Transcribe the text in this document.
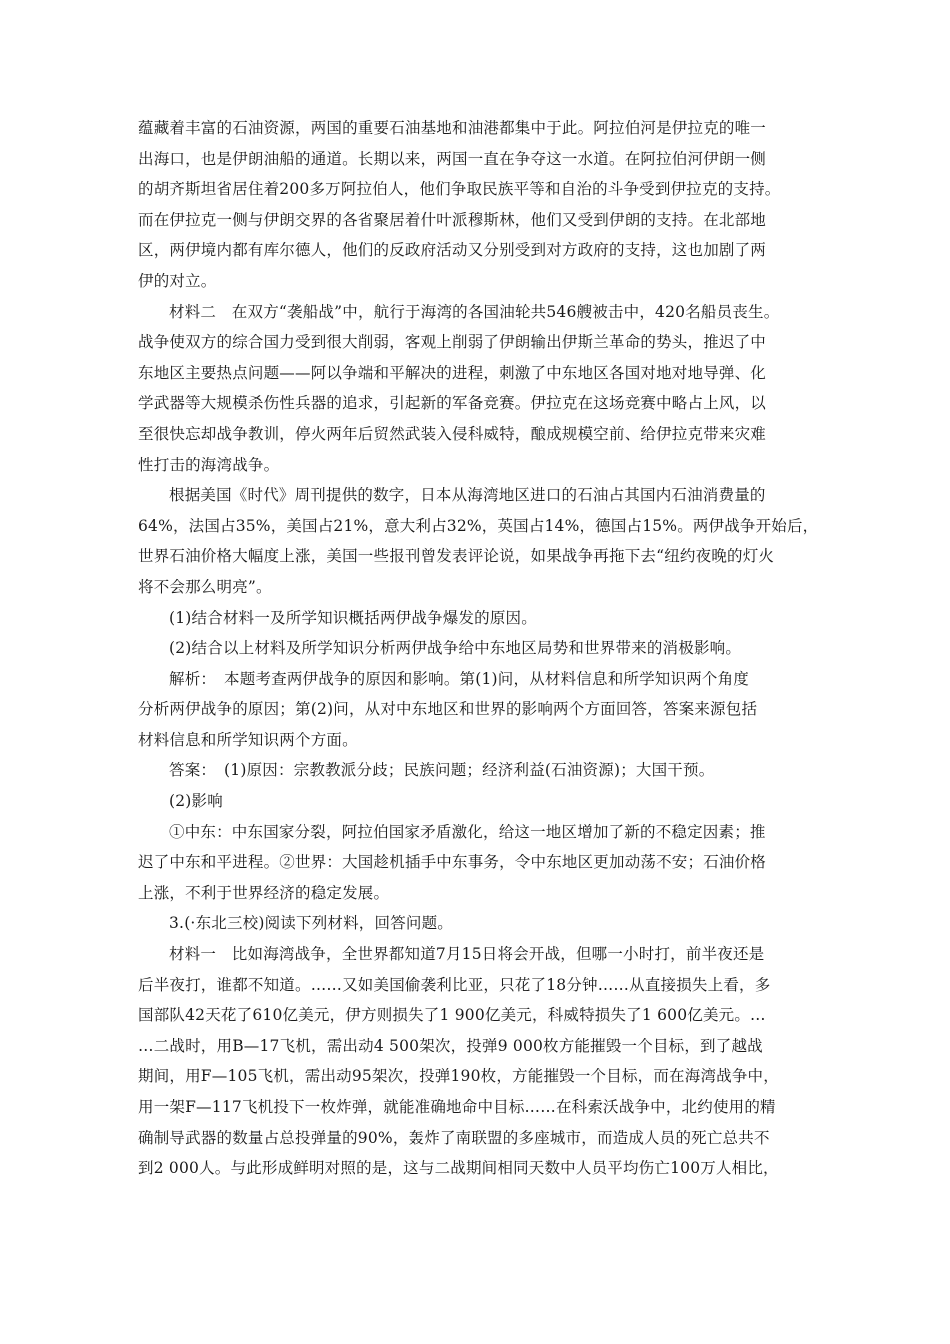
蕴藏着丰富的石油资源，两国的重要石油基地和油港都集中于此。阿拉伯河是伊拉克的唯一
出海口，也是伊朗油船的通道。长期以来，两国一直在争夺这一水道。在阿拉伯河伊朗一侧
的胡齐斯坦省居住着200多万阿拉伯人，他们争取民族平等和自治的斗争受到伊拉克的支持。
而在伊拉克一侧与伊朗交界的各省聚居着什叶派穆斯林，他们又受到伊朗的支持。在北部地
区，两伊境内都有库尔德人，他们的反政府活动又分别受到对方政府的支持，这也加剧了两
伊的对立。
材料二　在双方“袭船战”中，航行于海湾的各国油轮共546艘被击中，420名船员丧生。
战争使双方的综合国力受到很大削弱，客观上削弱了伊朗输出伊斯兰革命的势头，推迟了中
东地区主要热点问题——阿以争端和平解决的进程，刺激了中东地区各国对地对地导弹、化
学武器等大规模杀伤性兵器的追求，引起新的军备竞赛。伊拉克在这场竞赛中略占上风，以
至很快忘却战争教训，停火两年后贸然武装入侵科威特，酿成规模空前、给伊拉克带来灾难
性打击的海湾战争。
根据美国《时代》周刊提供的数字，日本从海湾地区进口的石油占其国内石油消费量的
64%，法国占35%，美国占21%，意大利占32%，英国占14%，德国占15%。两伊战争开始后，
世界石油价格大幅度上涨，美国一些报刊曾发表评论说，如果战争再拖下去“纽约夜晚的灯火
将不会那么明亮”。
(1)结合材料一及所学知识概括两伊战争爆发的原因。
(2)结合以上材料及所学知识分析两伊战争给中东地区局势和世界带来的消极影响。
解析：　本题考查两伊战争的原因和影响。第(1)问，从材料信息和所学知识两个角度
分析两伊战争的原因；第(2)问，从对中东地区和世界的影响两个方面回答，答案来源包括
材料信息和所学知识两个方面。
答案：　(1)原因：宗教教派分歧；民族问题；经济利益(石油资源)；大国干预。
(2)影响
①中东：中东国家分裂，阿拉伯国家矛盾激化，给这一地区增加了新的不稳定因素；推
迟了中东和平进程。②世界：大国趁机插手中东事务，令中东地区更加动荡不安；石油价格
上涨，不利于世界经济的稳定发展。
3.(·东北三校)阅读下列材料，回答问题。
材料一　比如海湾战争，全世界都知道7月15日将会开战，但哪一小时打，前半夜还是
后半夜打，谁都不知道。……又如美国偷袭利比亚，只花了18分钟……从直接损失上看，多
国部队42天花了610亿美元，伊方则损失了1 900亿美元，科威特损失了1 600亿美元。…
…二战时，用B—17飞机，需出动4 500架次，投弹9 000枚方能摧毁一个目标，到了越战
期间，用F—105飞机，需出动95架次，投弹190枚，方能摧毁一个目标，而在海湾战争中，
用一架F—117飞机投下一枚炸弹，就能准确地命中目标……在科索沃战争中，北约使用的精
确制导武器的数量占总投弹量的90%，轰炸了南联盟的多座城市，而造成人员的死亡总共不
到2 000人。与此形成鲜明对照的是，这与二战期间相同天数中人员平均伤亡100万人相比，
